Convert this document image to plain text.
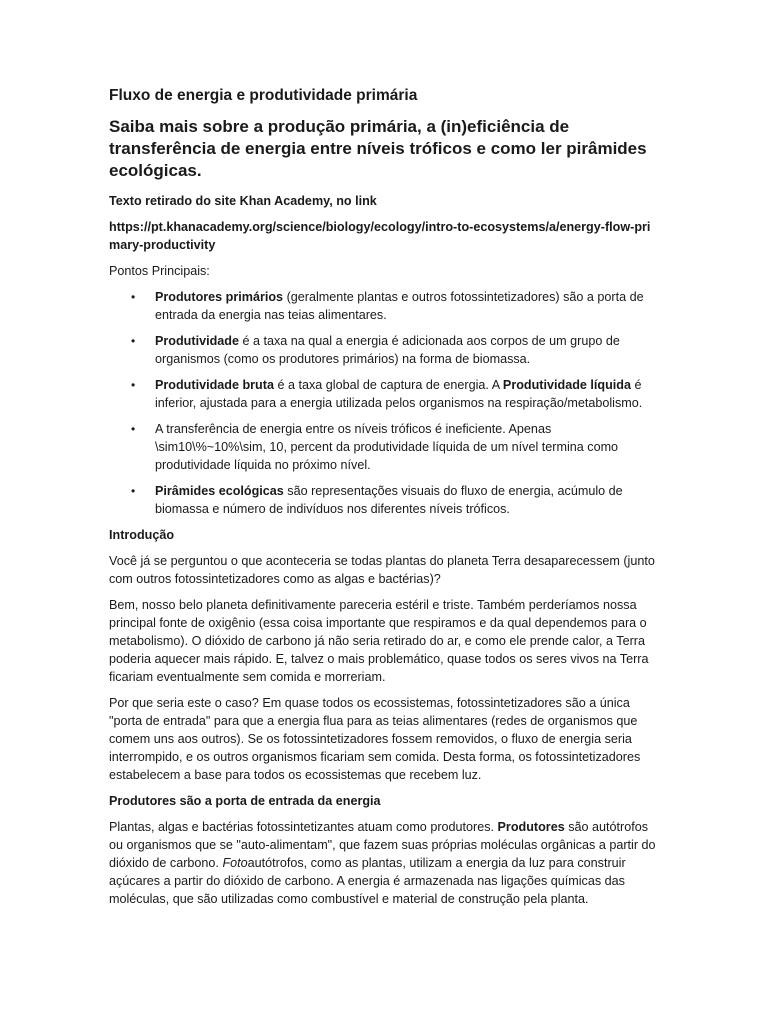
Fluxo de energia e produtividade primária
Saiba mais sobre a produção primária, a (in)eficiência de transferência de energia entre níveis tróficos e como ler pirâmides ecológicas.

Texto retirado do site Khan Academy, no link

https://pt.khanacademy.org/science/biology/ecology/intro-to-ecosystems/a/energy-flow-primary-productivity

Pontos Principais:

• Produtores primários (geralmente plantas e outros fotossintetizadores) são a porta de entrada da energia nas teias alimentares.
• Produtividade é a taxa na qual a energia é adicionada aos corpos de um grupo de organismos (como os produtores primários) na forma de biomassa.
• Produtividade bruta é a taxa global de captura de energia. A Produtividade líquida é inferior, ajustada para a energia utilizada pelos organismos na respiração/metabolismo.
• A transferência de energia entre os níveis tróficos é ineficiente. Apenas \sim10\%~10%\sim, 10, percent da produtividade líquida de um nível termina como produtividade líquida no próximo nível.
• Pirâmides ecológicas são representações visuais do fluxo de energia, acúmulo de biomassa e número de indivíduos nos diferentes níveis tróficos.

Introdução

Você já se perguntou o que aconteceria se todas plantas do planeta Terra desaparecessem (junto com outros fotossintetizadores como as algas e bactérias)?

Bem, nosso belo planeta definitivamente pareceria estéril e triste. Também perderíamos nossa principal fonte de oxigênio (essa coisa importante que respiramos e da qual dependemos para o metabolismo). O dióxido de carbono já não seria retirado do ar, e como ele prende calor, a Terra poderia aquecer mais rápido. E, talvez o mais problemático, quase todos os seres vivos na Terra ficariam eventualmente sem comida e morreriam.

Por que seria este o caso? Em quase todos os ecossistemas, fotossintetizadores são a única "porta de entrada" para que a energia flua para as teias alimentares (redes de organismos que comem uns aos outros). Se os fotossintetizadores fossem removidos, o fluxo de energia seria interrompido, e os outros organismos ficariam sem comida. Desta forma, os fotossintetizadores estabelecem a base para todos os ecossistemas que recebem luz.

Produtores são a porta de entrada da energia

Plantas, algas e bactérias fotossintetizantes atuam como produtores. Produtores são autótrofos ou organismos que se "auto-alimentam", que fazem suas próprias moléculas orgânicas a partir do dióxido de carbono. Fotoautótrofos, como as plantas, utilizam a energia da luz para construir açúcares a partir do dióxido de carbono. A energia é armazenada nas ligações químicas das moléculas, que são utilizadas como combustível e material de construção pela planta.
